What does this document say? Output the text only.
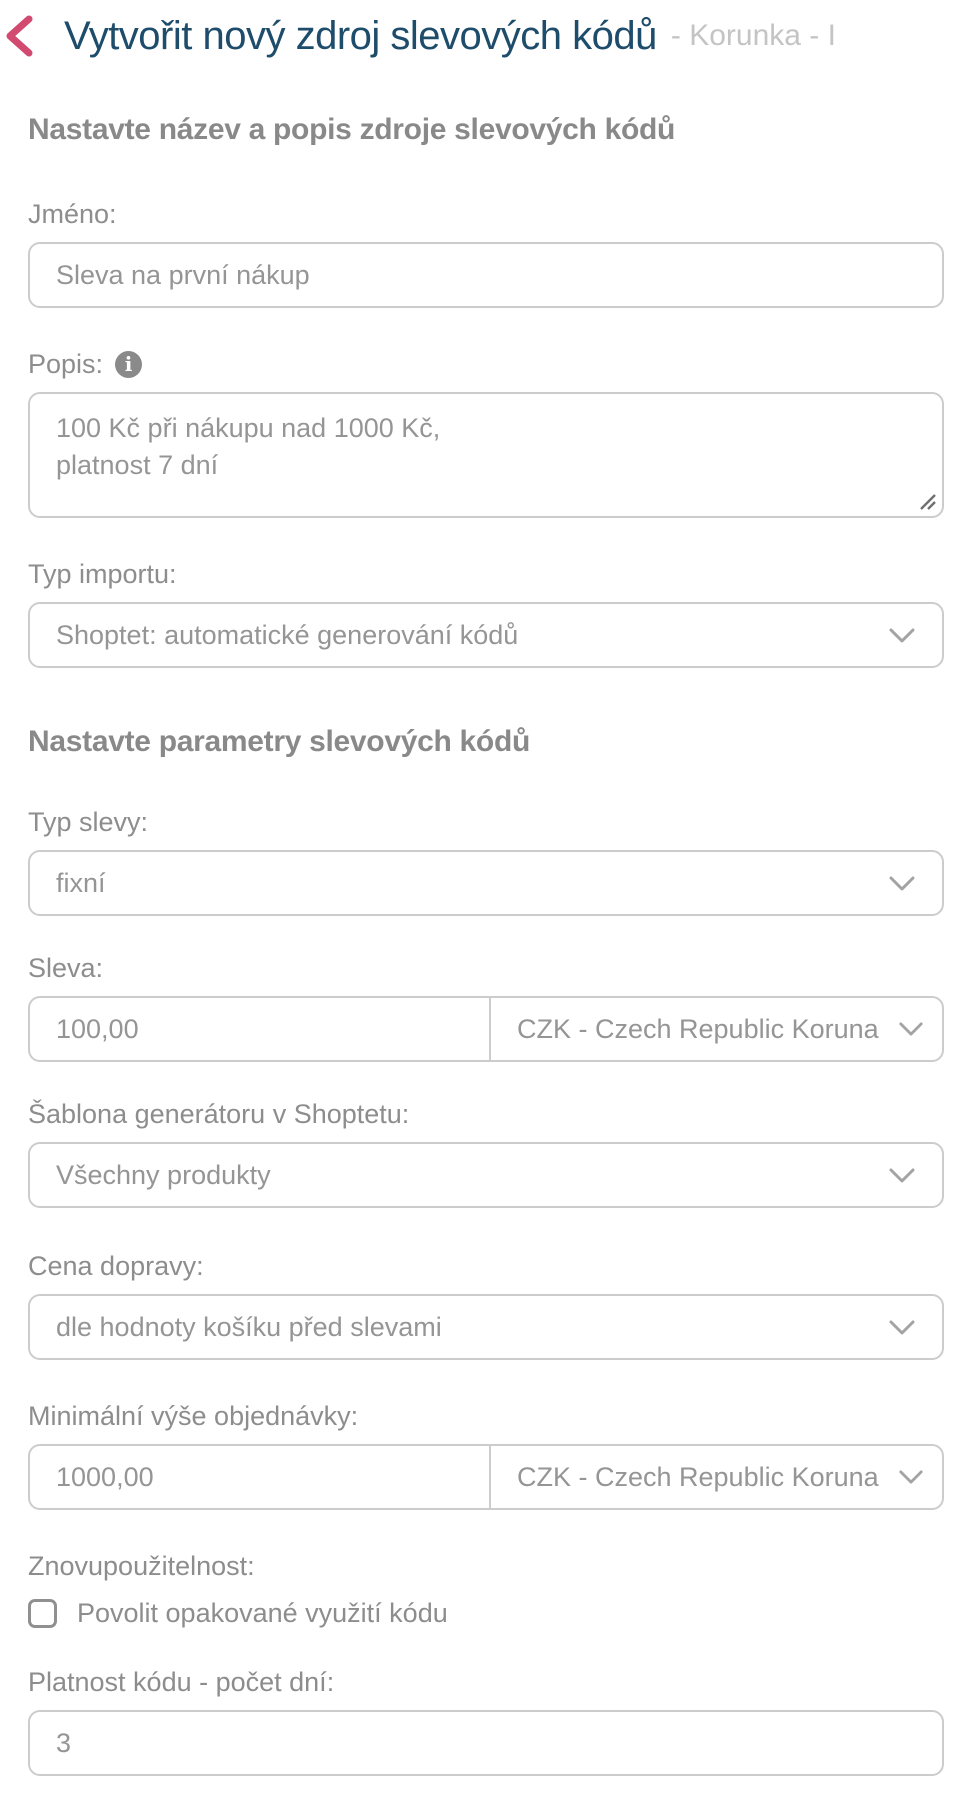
Vytvořit nový zdroj slevových kódů - Korunka - I
Nastavte název a popis zdroje slevových kódů
Jméno:
Sleva na první nákup
Popis:	i
100 Kč při nákupu nad 1000 Kč, platnost 7 dní
Typ importu:
Shoptet: automatické generování kódů
Nastavte parametry slevových kódů
Typ slevy:
fixní
Sleva:
100,00
CZK - Czech Republic Koruna
Šablona generátoru v Shoptetu:
Všechny produkty
Cena dopravy:
dle hodnoty košíku před slevami
Minimální výše objednávky:
1000,00
CZK - Czech Republic Koruna
Znovupoužitelnost:
Povolit opakované využití kódu
Platnost kódu - počet dní:
3
